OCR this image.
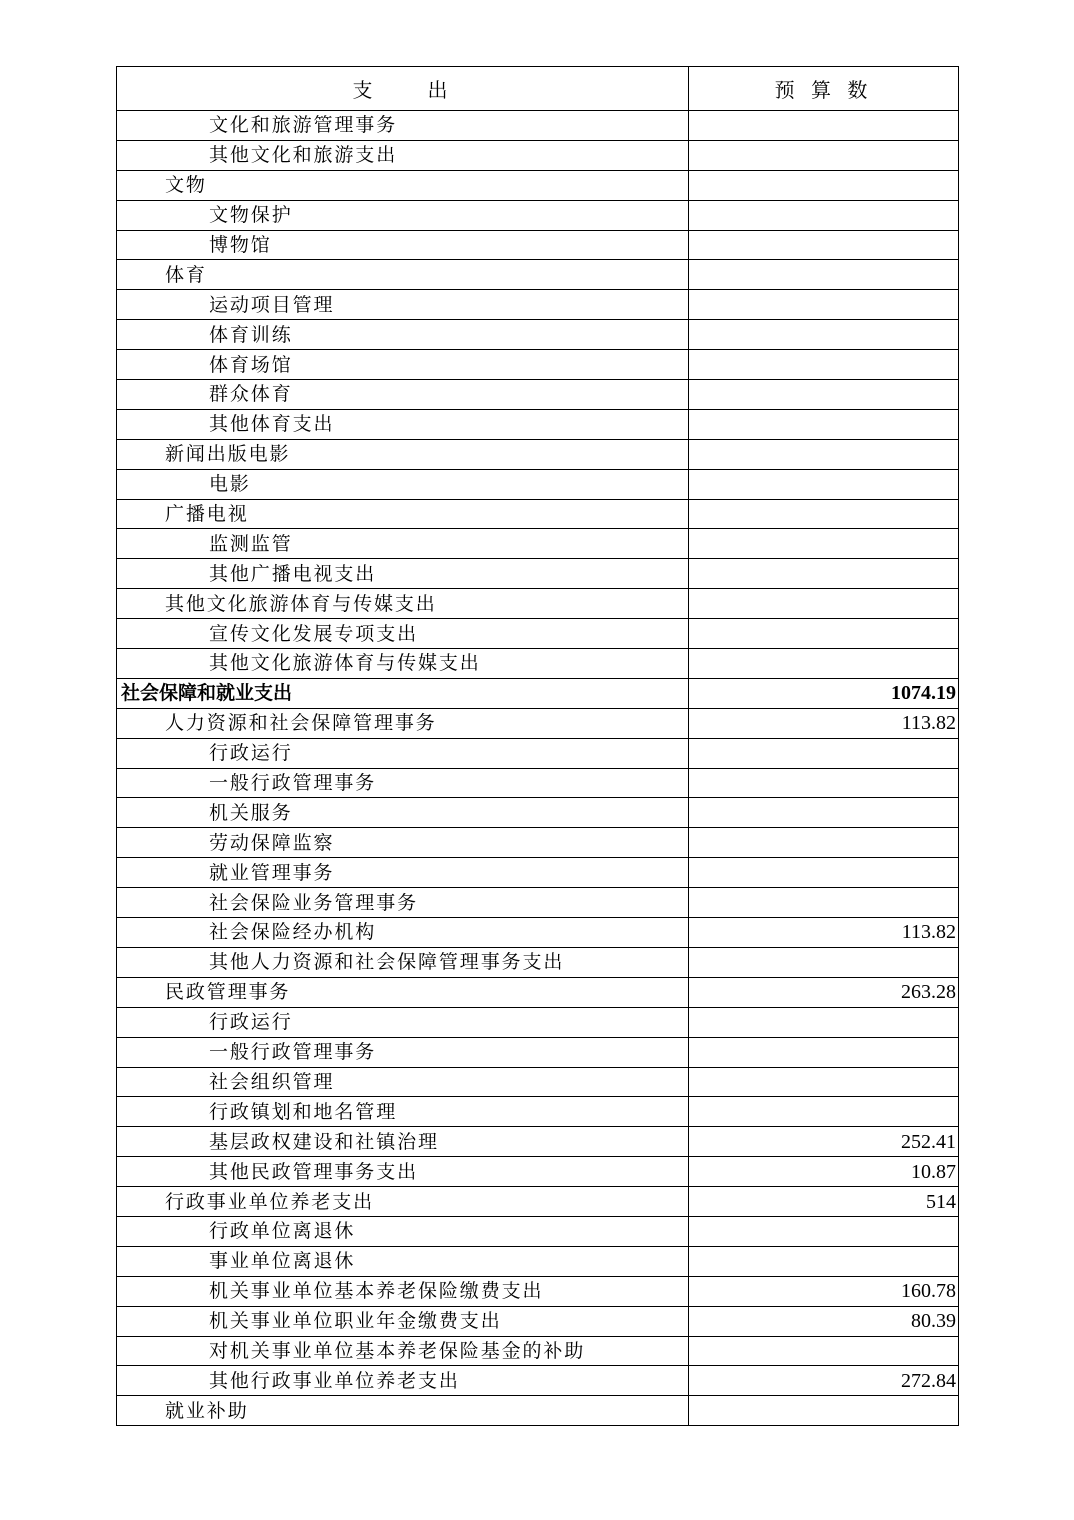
支　　出	预 算 数
文化和旅游管理事务	
其他文化和旅游支出	
文物	
文物保护	
博物馆	
体育	
运动项目管理	
体育训练	
体育场馆	
群众体育	
其他体育支出	
新闻出版电影	
电影	
广播电视	
监测监管	
其他广播电视支出	
其他文化旅游体育与传媒支出	
宣传文化发展专项支出	
其他文化旅游体育与传媒支出	
社会保障和就业支出	1074.19
人力资源和社会保障管理事务	113.82
行政运行	
一般行政管理事务	
机关服务	
劳动保障监察	
就业管理事务	
社会保险业务管理事务	
社会保险经办机构	113.82
其他人力资源和社会保障管理事务支出	
民政管理事务	263.28
行政运行	
一般行政管理事务	
社会组织管理	
行政镇划和地名管理	
基层政权建设和社镇治理	252.41
其他民政管理事务支出	10.87
行政事业单位养老支出	514
行政单位离退休	
事业单位离退休	
机关事业单位基本养老保险缴费支出	160.78
机关事业单位职业年金缴费支出	80.39
对机关事业单位基本养老保险基金的补助	
其他行政事业单位养老支出	272.84
就业补助	
